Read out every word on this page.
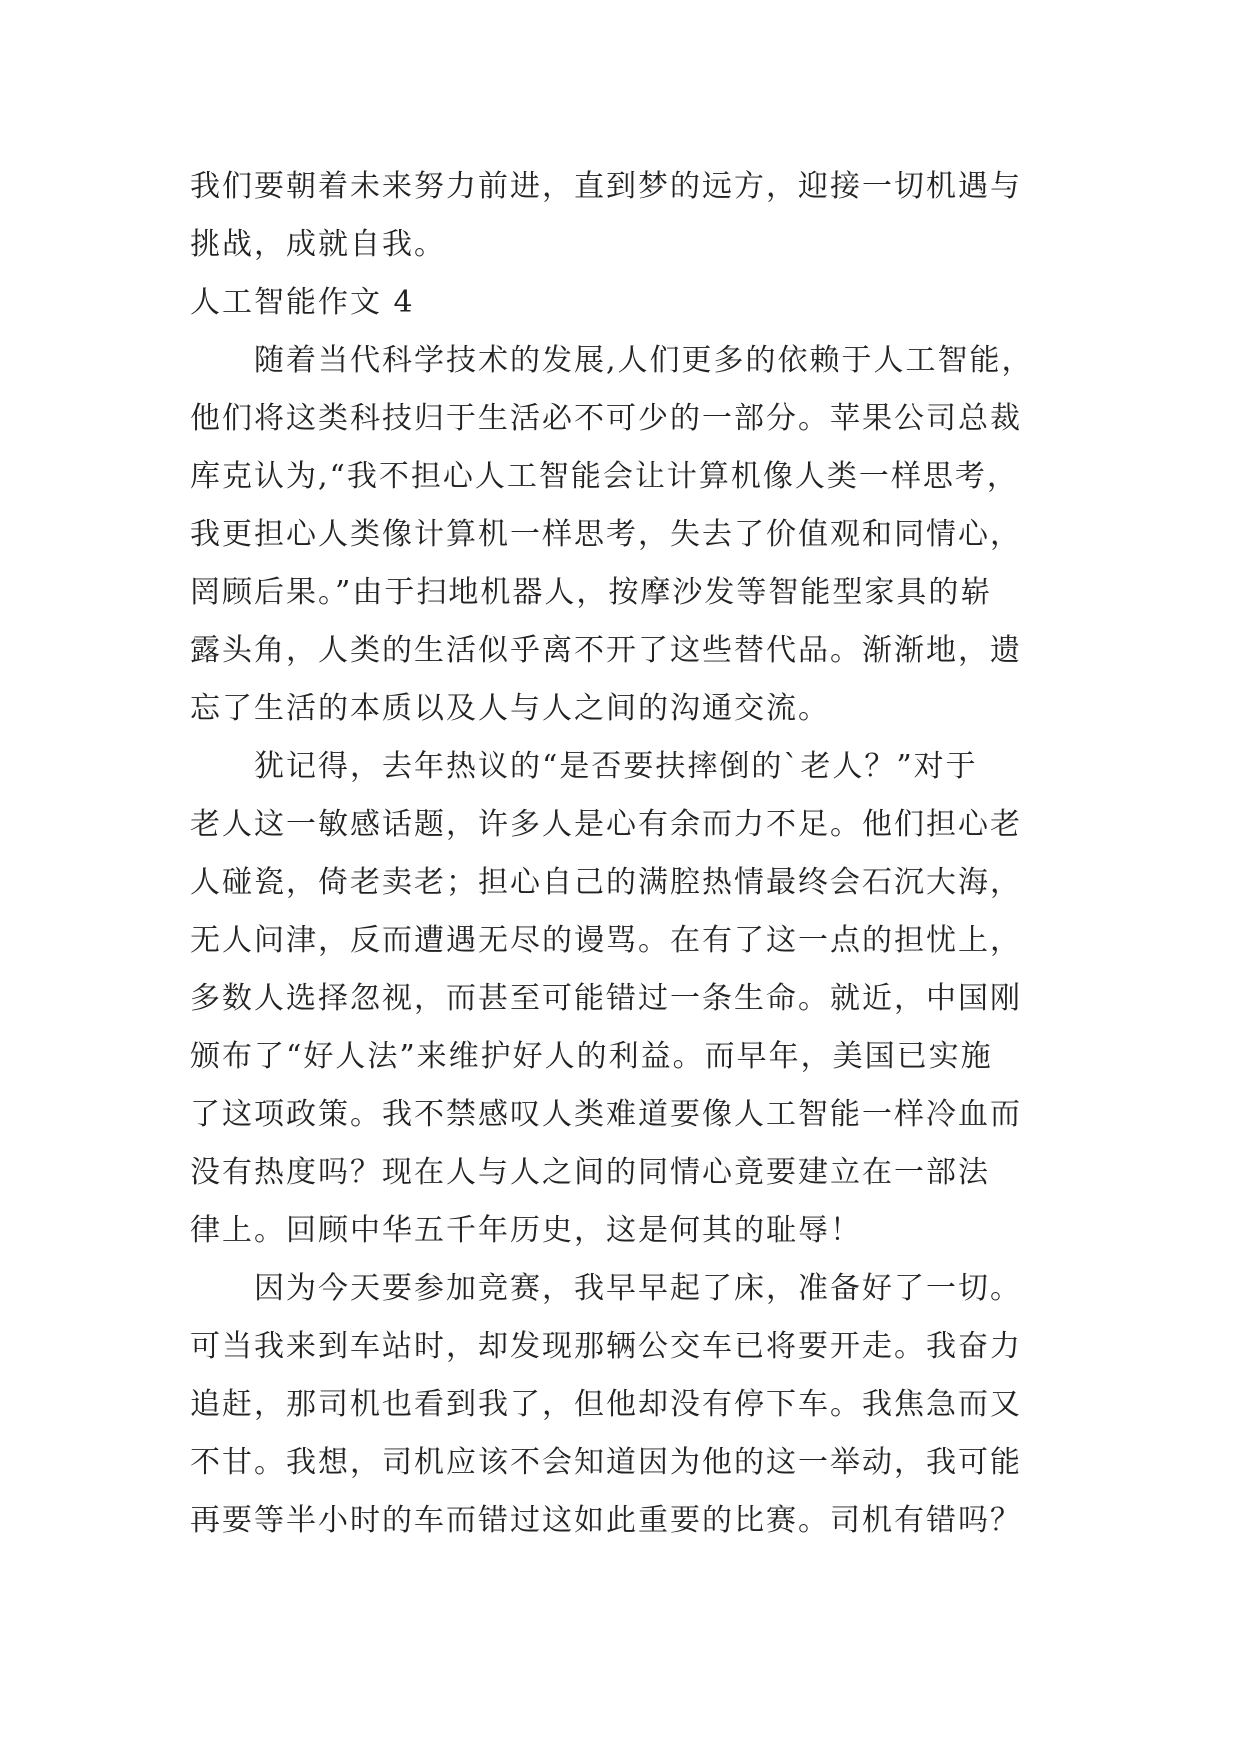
我们要朝着未来努力前进，直到梦的远方，迎接一切机遇与
挑战，成就自我。
人工智能作文 4
　　随着当代科学技术的发展,人们更多的依赖于人工智能，
他们将这类科技归于生活必不可少的一部分。苹果公司总裁
库克认为,“我不担心人工智能会让计算机像人类一样思考，
我更担心人类像计算机一样思考，失去了价值观和同情心，
罔顾后果。”由于扫地机器人，按摩沙发等智能型家具的崭
露头角，人类的生活似乎离不开了这些替代品。渐渐地，遗
忘了生活的本质以及人与人之间的沟通交流。
　　犹记得，去年热议的“是否要扶摔倒的`老人？”对于
老人这一敏感话题，许多人是心有余而力不足。他们担心老
人碰瓷，倚老卖老；担心自己的满腔热情最终会石沉大海，
无人问津，反而遭遇无尽的谩骂。在有了这一点的担忧上，
多数人选择忽视，而甚至可能错过一条生命。就近，中国刚
颁布了“好人法”来维护好人的利益。而早年，美国已实施
了这项政策。我不禁感叹人类难道要像人工智能一样冷血而
没有热度吗？现在人与人之间的同情心竟要建立在一部法
律上。回顾中华五千年历史，这是何其的耻辱！
　　因为今天要参加竞赛，我早早起了床，准备好了一切。
可当我来到车站时，却发现那辆公交车已将要开走。我奋力
追赶，那司机也看到我了，但他却没有停下车。我焦急而又
不甘。我想，司机应该不会知道因为他的这一举动，我可能
再要等半小时的车而错过这如此重要的比赛。司机有错吗？
